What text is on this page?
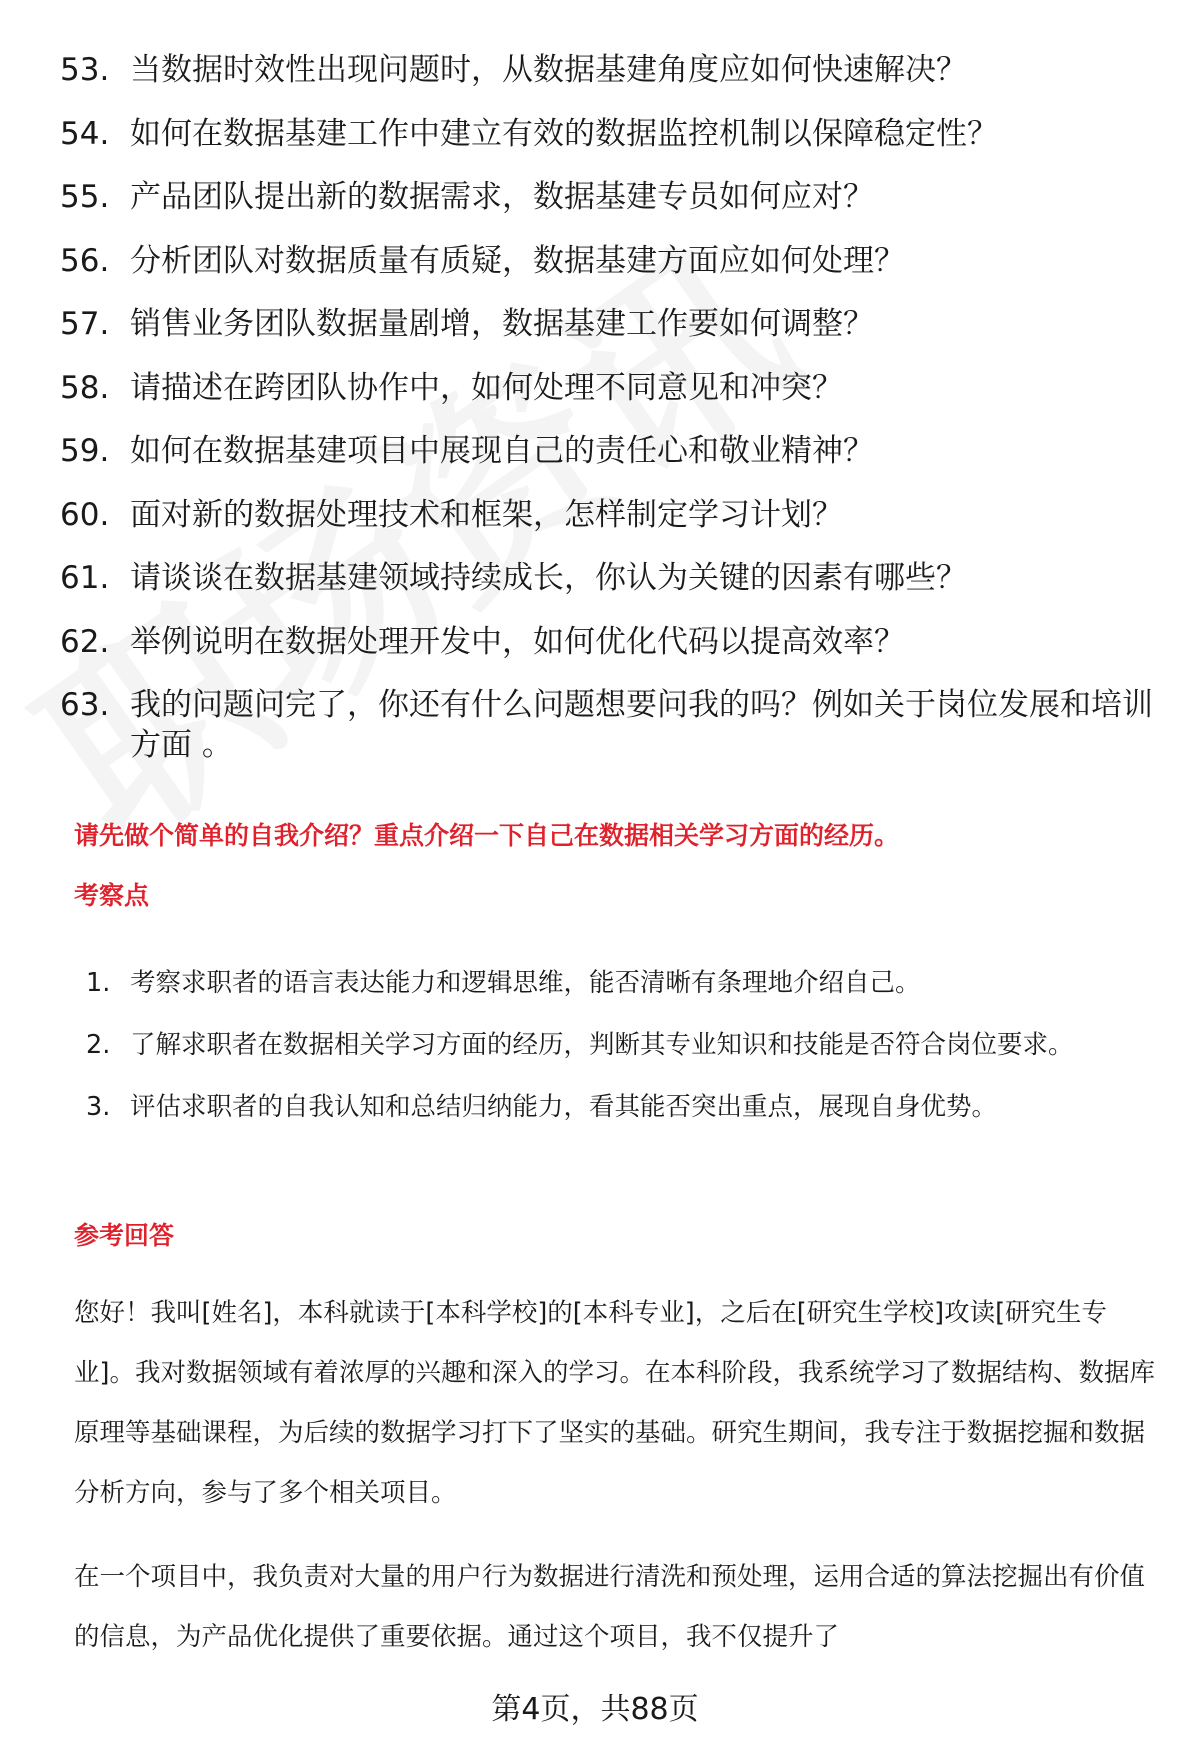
53. 当数据时效性出现问题时，从数据基建角度应如何快速解决？
54. 如何在数据基建工作中建立有效的数据监控机制以保障稳定性？
55. 产品团队提出新的数据需求，数据基建专员如何应对？
56. 分析团队对数据质量有质疑，数据基建方面应如何处理？
57. 销售业务团队数据量剧增，数据基建工作要如何调整？
58. 请描述在跨团队协作中，如何处理不同意见和冲突？
59. 如何在数据基建项目中展现自己的责任心和敬业精神？
60. 面对新的数据处理技术和框架，怎样制定学习计划？
61. 请谈谈在数据基建领域持续成长，你认为关键的因素有哪些？
62. 举例说明在数据处理开发中，如何优化代码以提高效率？
63. 我的问题问完了，你还有什么问题想要问我的吗？例如关于岗位发展和培训方面 。
请先做个简单的自我介绍？重点介绍一下自己在数据相关学习方面的经历。
考察点
1. 考察求职者的语言表达能力和逻辑思维，能否清晰有条理地介绍自己。
2. 了解求职者在数据相关学习方面的经历，判断其专业知识和技能是否符合岗位要求。
3. 评估求职者的自我认知和总结归纳能力，看其能否突出重点，展现自身优势。
参考回答

您好！我叫[姓名]，本科就读于[本科学校]的[本科专业]，之后在[研究生学校]攻读[研究生专业]。我对数据领域有着浓厚的兴趣和深入的学习。在本科阶段，我系统学习了数据结构、数据库原理等基础课程，为后续的数据学习打下了坚实的基础。研究生期间，我专注于数据挖掘和数据分析方向，参与了多个相关项目。

在一个项目中，我负责对大量的用户行为数据进行清洗和预处理，运用合适的算法挖掘出有价值的信息，为产品优化提供了重要依据。通过这个项目，我不仅提升了

第4页，共88页
